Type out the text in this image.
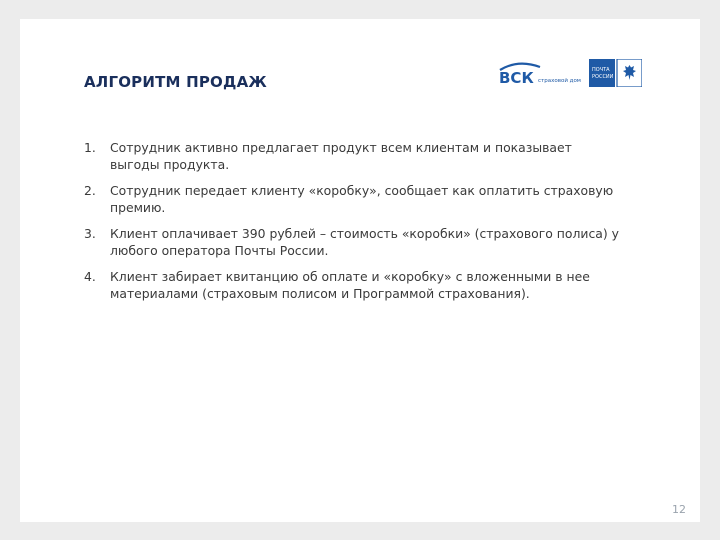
АЛГОРИТМ ПРОДАЖ	ВСК страховой дом
ПОЧТА
РОССИИ
1. Сотрудник активно предлагает продукт всем клиентам и показывает выгоды продукта.
2. Сотрудник передает клиенту «коробку», сообщает как оплатить страховую премию.
3. Клиент оплачивает 390 рублей – стоимость «коробки» (страхового полиса) у любого оператора Почты России.
4. Клиент забирает квитанцию об оплате и «коробку» с вложенными в нее материалами (страховым полисом и Программой страхования).
12
